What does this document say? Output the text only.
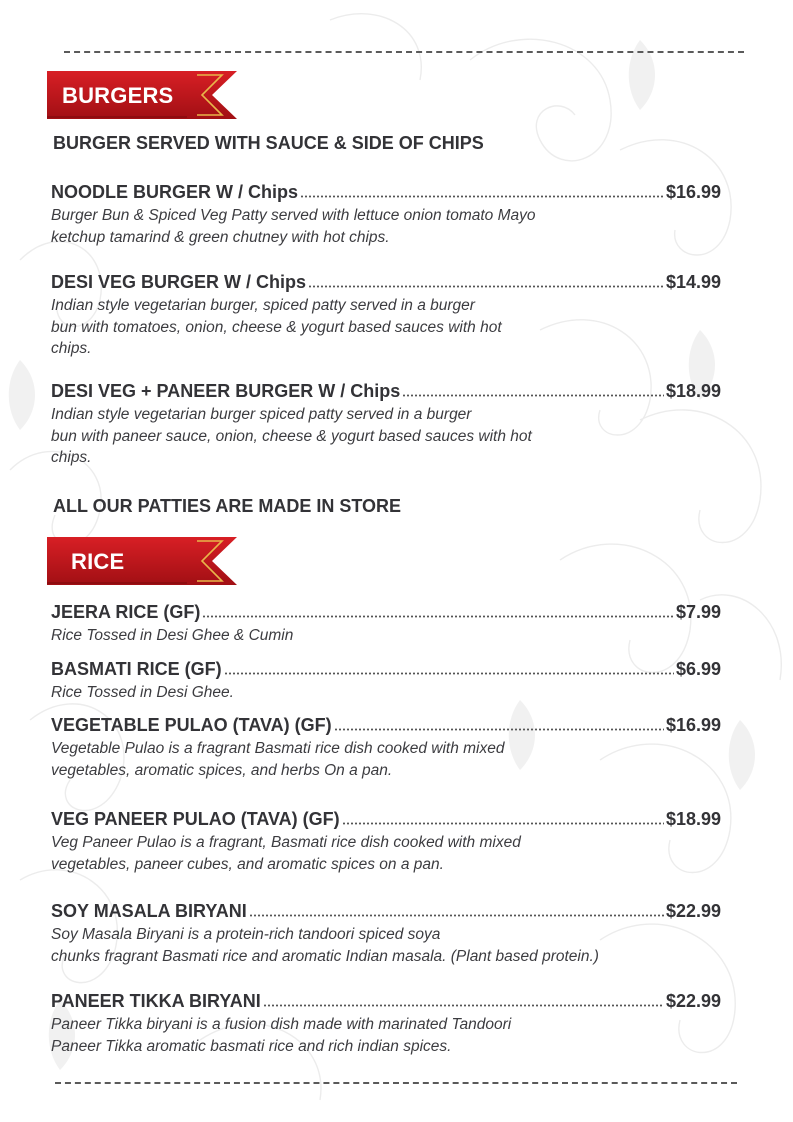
BURGERS
BURGER SERVED WITH SAUCE & SIDE OF CHIPS
NOODLE BURGER W / Chips	$16.99
Burger Bun & Spiced Veg Patty served with lettuce onion tomato Mayo
ketchup tamarind & green chutney with hot chips.
DESI VEG BURGER W / Chips	$14.99
Indian style vegetarian burger, spiced patty served in a burger
bun with tomatoes, onion, cheese & yogurt based sauces with hot
chips.
DESI VEG + PANEER BURGER W / Chips	$18.99
Indian style vegetarian burger spiced patty served in a burger
bun with paneer sauce, onion, cheese & yogurt based sauces with hot
chips.
ALL OUR PATTIES ARE MADE IN STORE
RICE
JEERA RICE (GF)	$7.99
Rice Tossed in Desi Ghee & Cumin
BASMATI RICE (GF)	$6.99
Rice Tossed in Desi Ghee.
VEGETABLE PULAO (TAVA) (GF)	$16.99
Vegetable Pulao is a fragrant Basmati rice dish cooked with mixed
vegetables, aromatic spices, and herbs On a pan.
VEG PANEER PULAO (TAVA) (GF)	$18.99
Veg Paneer Pulao is a fragrant, Basmati rice dish cooked with mixed
vegetables, paneer cubes, and aromatic spices on a pan.
SOY MASALA BIRYANI	$22.99
Soy Masala Biryani is a protein-rich tandoori spiced soya
chunks fragrant Basmati rice and aromatic Indian masala. (Plant based protein.)
PANEER TIKKA BIRYANI	$22.99
Paneer Tikka biryani is a fusion dish made with marinated Tandoori
Paneer Tikka aromatic basmati rice and rich indian spices.
